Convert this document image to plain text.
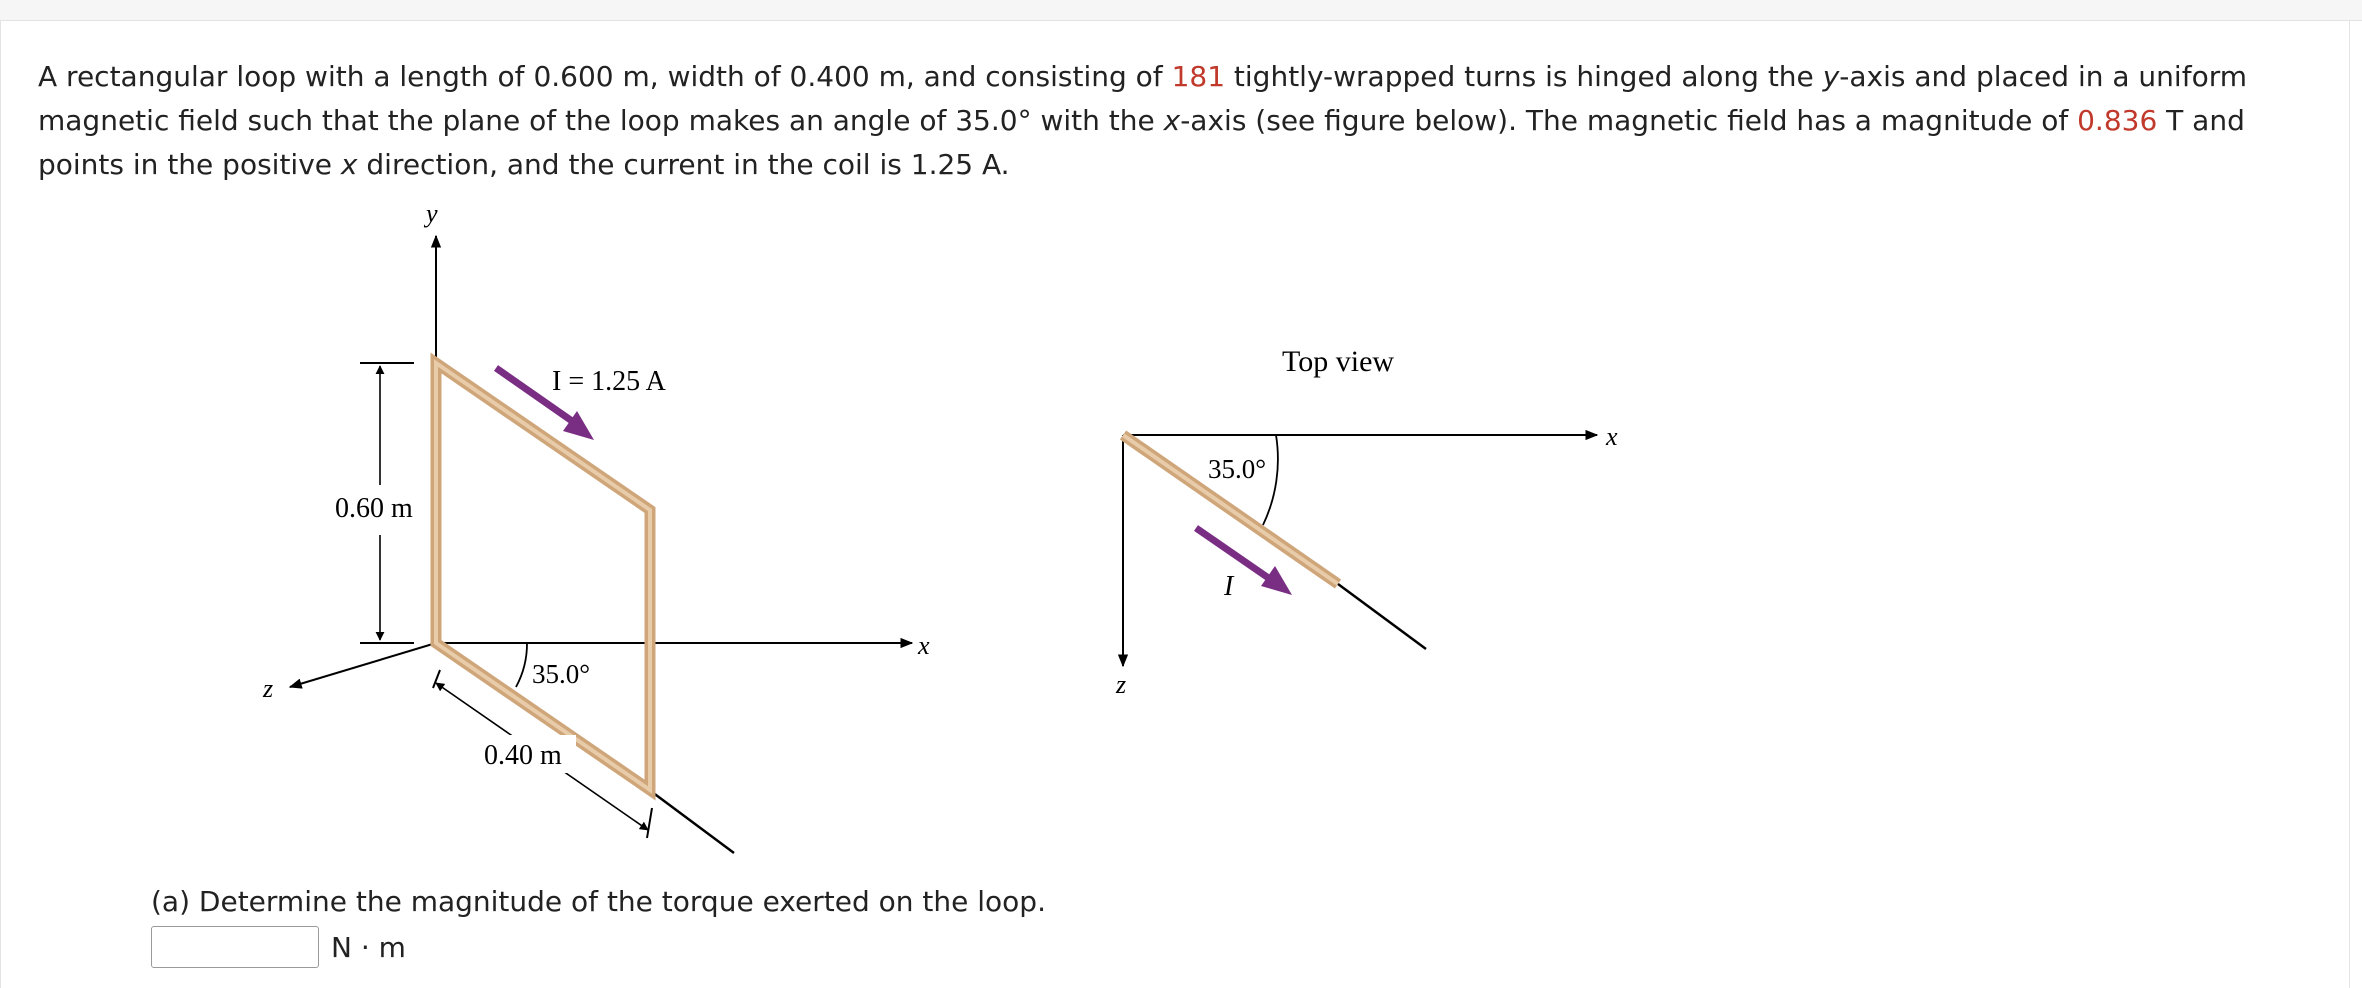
A rectangular loop with a length of 0.600 m, width of 0.400 m, and consisting of 181 tightly-wrapped turns is hinged along the y-axis and placed in a uniform magnetic field such that the plane of the loop makes an angle of 35.0° with the x-axis (see figure below). The magnetic field has a magnitude of 0.836 T and points in the positive x direction, and the current in the coil is 1.25 A.

y
x
z
I = 1.25 A
0.60 m
0.40 m
35.0°
Top view
x
z
35.0°
I

(a) Determine the magnitude of the torque exerted on the loop.

N · m
